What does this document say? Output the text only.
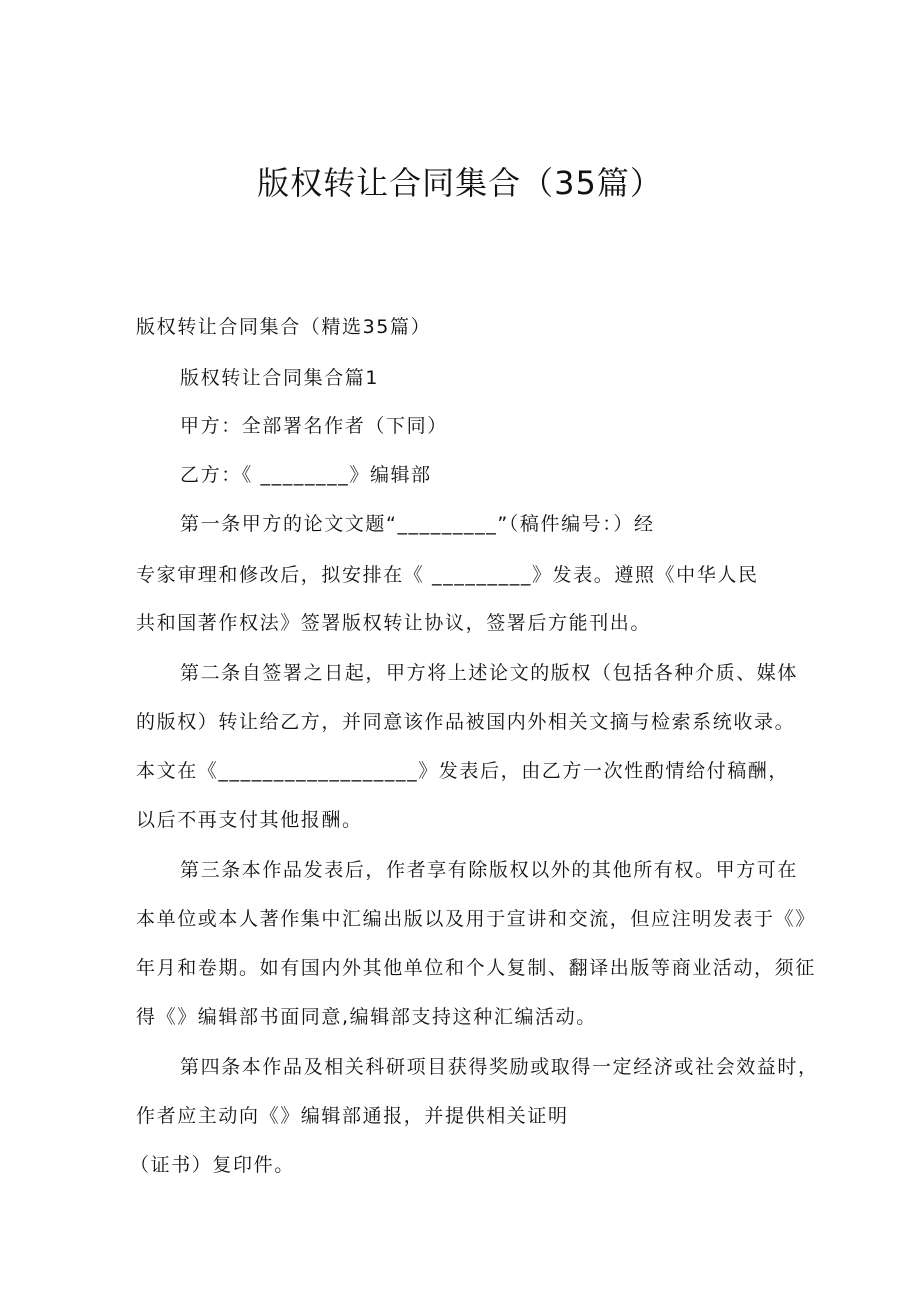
版权转让合同集合（35篇）
版权转让合同集合（精选35篇）
版权转让合同集合篇1
甲方：全部署名作者（下同）
乙方：《 ________》编辑部
第一条甲方的论文文题“_________”（稿件编号：）经
专家审理和修改后，拟安排在《 _________》发表。遵照《中华人民
共和国著作权法》签署版权转让协议，签署后方能刊出。
第二条自签署之日起，甲方将上述论文的版权（包括各种介质、媒体
的版权）转让给乙方，并同意该作品被国内外相关文摘与检索系统收录。
本文在《__________________》发表后，由乙方一次性酌情给付稿酬，
以后不再支付其他报酬。
第三条本作品发表后，作者享有除版权以外的其他所有权。甲方可在
本单位或本人著作集中汇编出版以及用于宣讲和交流，但应注明发表于《》
年月和卷期。如有国内外其他单位和个人复制、翻译出版等商业活动，须征
得《》编辑部书面同意,编辑部支持这种汇编活动。
第四条本作品及相关科研项目获得奖励或取得一定经济或社会效益时，
作者应主动向《》编辑部通报，并提供相关证明
（证书）复印件。
